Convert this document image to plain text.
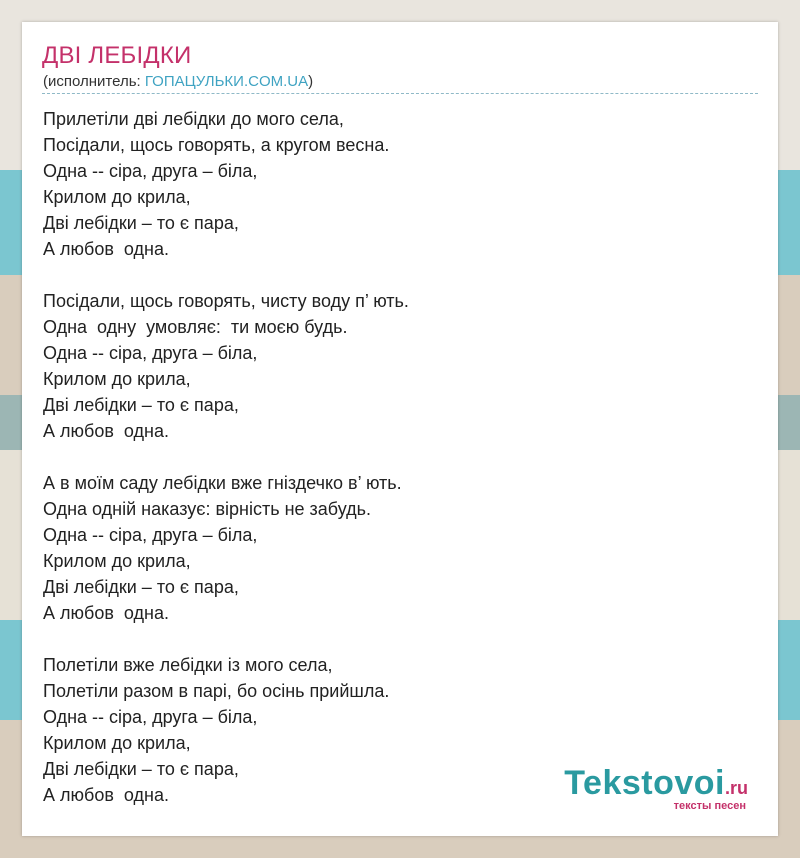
ДВІ ЛЕБІДКИ
(исполнитель: ГОПАЦУЛЬКИ.COM.UA)
Прилетіли дві лебідки до мого села,
Посідали, щось говорять, а кругом весна.
Одна -- сіра, друга – біла,
Крилом до крила,
Дві лебідки – то є пара,
А любов  одна.
Посідали, щось говорять, чисту воду п’ ють.
Одна  одну  умовляє:  ти моєю будь.
Одна -- сіра, друга – біла,
Крилом до крила,
Дві лебідки – то є пара,
А любов  одна.
А в моїм саду лебідки вже гніздечко в’ ють.
Одна одній наказує: вірність не забудь.
Одна -- сіра, друга – біла,
Крилом до крила,
Дві лебідки – то є пара,
А любов  одна.
Полетіли вже лебідки із мого села,
Полетіли разом в парі, бо осінь прийшла.
Одна -- сіра, друга – біла,
Крилом до крила,
Дві лебідки – то є пара,
А любов  одна.	Tekstovoi.ru
тексты песен
